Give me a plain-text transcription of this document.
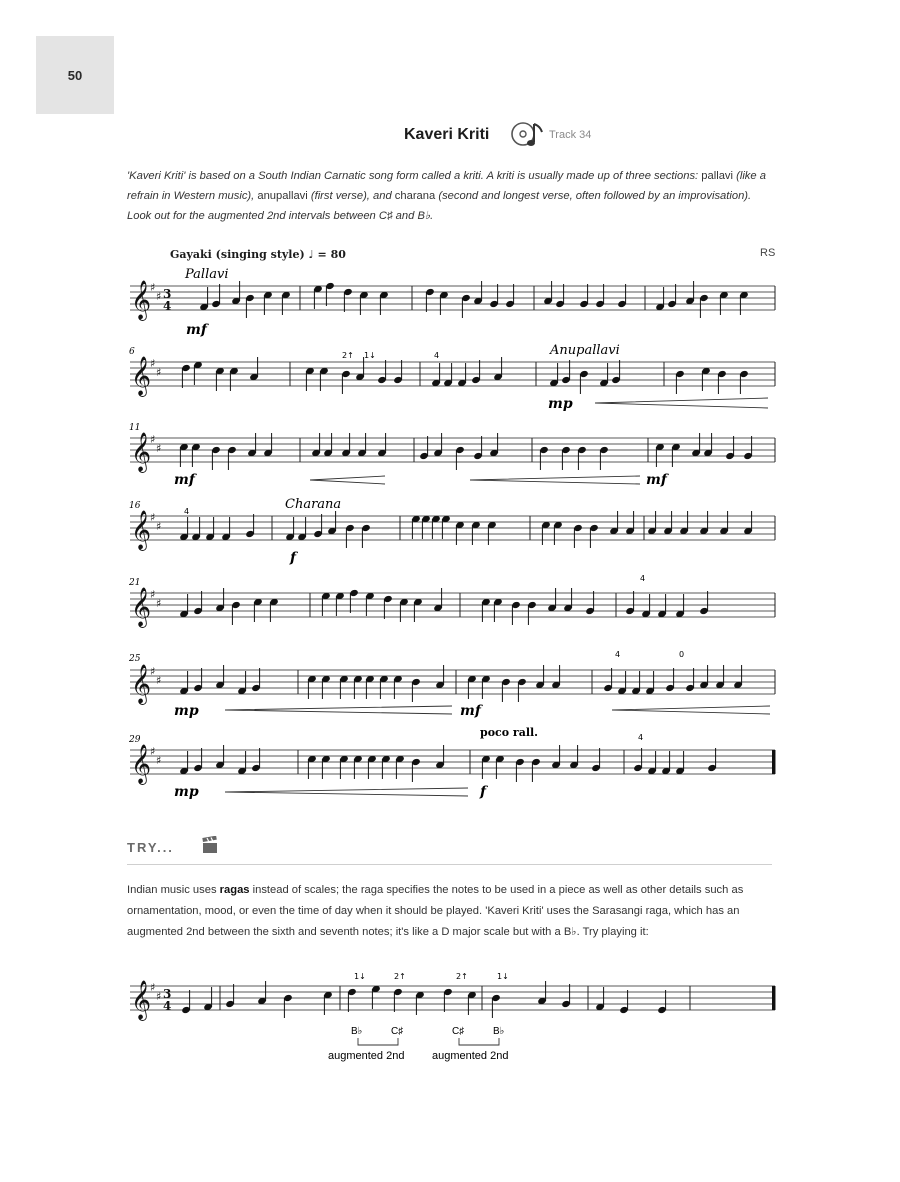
50
Kaveri Kriti	Track 34

'Kaveri Kriti' is based on a South Indian Carnatic song form called a kriti. A kriti is usually made up of three sections: pallavi (like a refrain in Western music), anupallavi (first verse), and charana (second and longest verse, often followed by an improvisation). Look out for the augmented 2nd intervals between C♯ and B♭.

Gayaki (singing style) ♩ = 80	RS
𝄞
♯
♯ 3
4
𝄞
♯
♯
𝄞
♯
♯
𝄞
♯
♯
𝄞
♯
♯
𝄞
♯
♯
𝄞
♯
♯
Pallavi
Anupallavi
Charana
6
11
16
21
25
29
mf
mp
mf	mf
f
mp	mf
mp	f
poco rall.
4
4
4
4	0
4
2↑ 1↓
TRY...

Indian music uses ragas instead of scales; the raga specifies the notes to be used in a piece as well as other details such as ornamentation, mood, or even the time of day when it should be played. 'Kaveri Kriti' uses the Sarasangi raga, which has an augmented 2nd between the sixth and seventh notes; it's like a D major scale but with a B♭. Try playing it:

𝄞
♯
♯ 3
4
1↓	2↑	2↑	1↓
B♭	C♯	C♯	B♭
augmented 2nd	augmented 2nd
